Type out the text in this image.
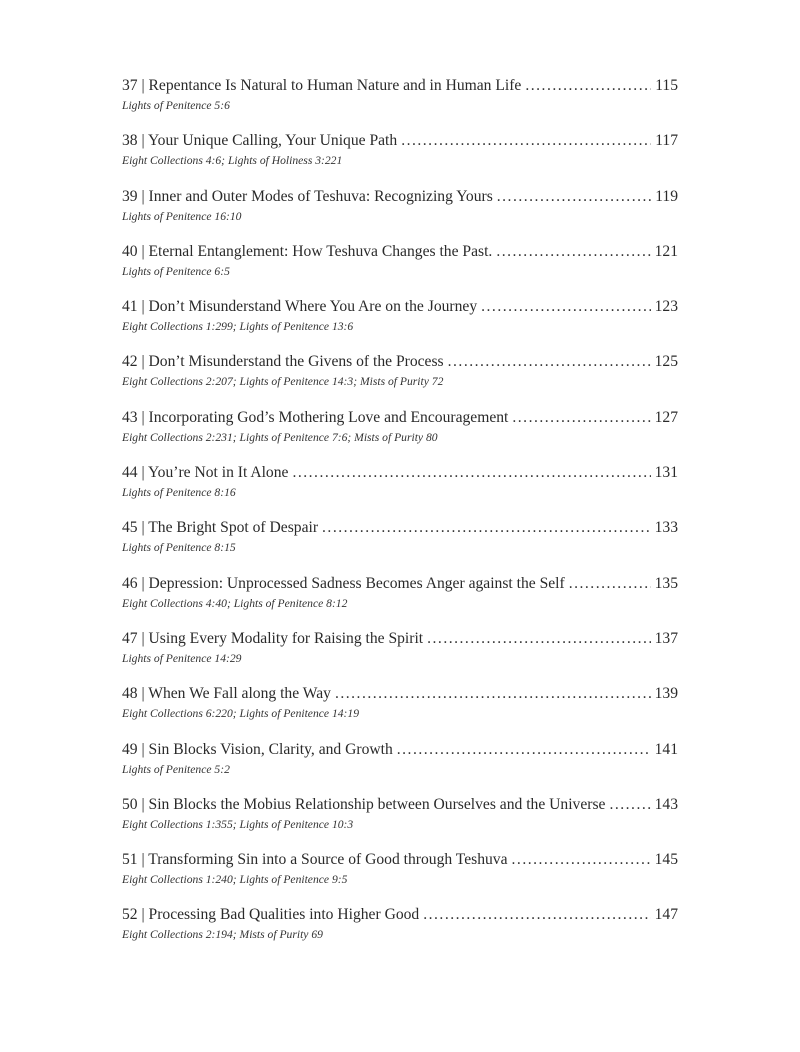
37 | Repentance Is Natural to Human Nature and in Human Life . . .	115
Lights of Penitence 5:6
38 | Your Unique Calling, Your Unique Path . . .	117
Eight Collections 4:6; Lights of Holiness 3:221
39 | Inner and Outer Modes of Teshuva: Recognizing Yours . . .	119
Lights of Penitence 16:10
40 | Eternal Entanglement: How Teshuva Changes the Past. . . .	121
Lights of Penitence 6:5
41 | Don’t Misunderstand Where You Are on the Journey . . .	123
Eight Collections 1:299; Lights of Penitence 13:6
42 | Don’t Misunderstand the Givens of the Process . . .	125
Eight Collections 2:207; Lights of Penitence 14:3; Mists of Purity 72
43 | Incorporating God’s Mothering Love and Encouragement . . .	127
Eight Collections 2:231; Lights of Penitence 7:6; Mists of Purity 80
44 | You’re Not in It Alone . . .	131
Lights of Penitence 8:16
45 | The Bright Spot of Despair . . .	133
Lights of Penitence 8:15
46 | Depression: Unprocessed Sadness Becomes Anger against the Self . . .	135
Eight Collections 4:40; Lights of Penitence 8:12
47 | Using Every Modality for Raising the Spirit . . .	137
Lights of Penitence 14:29
48 | When We Fall along the Way . . .	139
Eight Collections 6:220; Lights of Penitence 14:19
49 | Sin Blocks Vision, Clarity, and Growth . . .	141
Lights of Penitence 5:2
50 | Sin Blocks the Mobius Relationship between Ourselves and the Universe . . .	143
Eight Collections 1:355; Lights of Penitence 10:3
51 | Transforming Sin into a Source of Good through Teshuva . . .	145
Eight Collections 1:240; Lights of Penitence 9:5
52 | Processing Bad Qualities into Higher Good . . .	147
Eight Collections 2:194; Mists of Purity 69
